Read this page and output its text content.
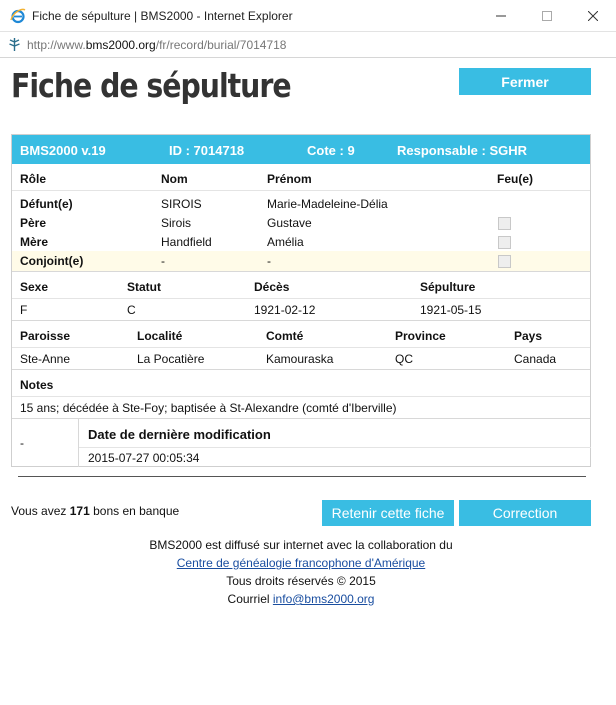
Fiche de sépulture | BMS2000 - Internet Explorer
http://www.bms2000.org/fr/record/burial/7014718
Fiche de sépulture	Fermer
BMS2000 v.19	ID : 7014718	Cote : 9	Responsable : SGHR
Rôle	Nom	Prénom	Feu(e)
Défunt(e)	SIROIS	Marie-Madeleine-Délia
Père	Sirois	Gustave
Mère	Handfield	Amélia
Conjoint(e)	-	-
Sexe	Statut	Décès	Sépulture
F	C	1921-02-12	1921-05-15
Paroisse	Localité	Comté	Province	Pays
Ste-Anne	La Pocatière	Kamouraska	QC	Canada
Notes
15 ans; décédée à Ste-Foy; baptisée à St-Alexandre (comté d'Iberville)
-
Date de dernière modification
2015-07-27 00:05:34
Vous avez 171 bons en banque	Retenir cette fiche	Correction
BMS2000 est diffusé sur internet avec la collaboration du
Centre de généalogie francophone d'Amérique
Tous droits réservés © 2015
Courriel info@bms2000.org
